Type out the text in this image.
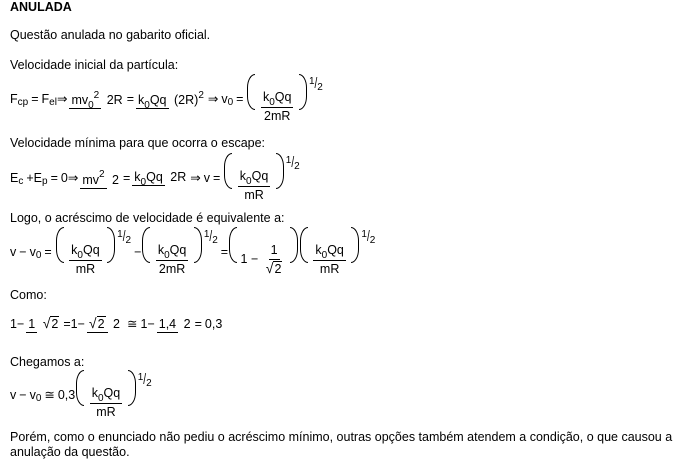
ANULADA
Questão anulada no gabarito oficial.
Velocidade inicial da partícula:
F cp = F el ⇒ $mv_0^2$ $2R = k_0Qq$ $(2R)^2$ ⇒ v 0 =
$\frac{k_0Qq}{2mR}$

1/2
Velocidade mínima para que ocorra o escape:
E c + E p = 0 ⇒ $mv^2$ $2 = k_0Qq$ 2R ⇒ v =
$\frac{k_0Qq}{mR}$

1/2
Logo, o acréscimo de velocidade é equivalente a:
v − v 0 =
$\frac{k_0Qq}{mR}$

1/2
−
$\frac{k_0Qq}{2mR}$

1/2
=
$1 - \frac{1}{√ 2}$

$\frac{k_0Qq}{mR}$

1/2
Como:
1 − 1 √ 2 = 1 − √ 2 2 ≅ 1 − 1,4 2 = 0,3
Chegamos a:
v − v 0 ≅ 0,3
$\frac{k_0Qq}{mR}$

1/2
Porém, como o enunciado não pediu o acréscimo mínimo, outras opções também atendem a condição, o que causou a
anulação da questão.
